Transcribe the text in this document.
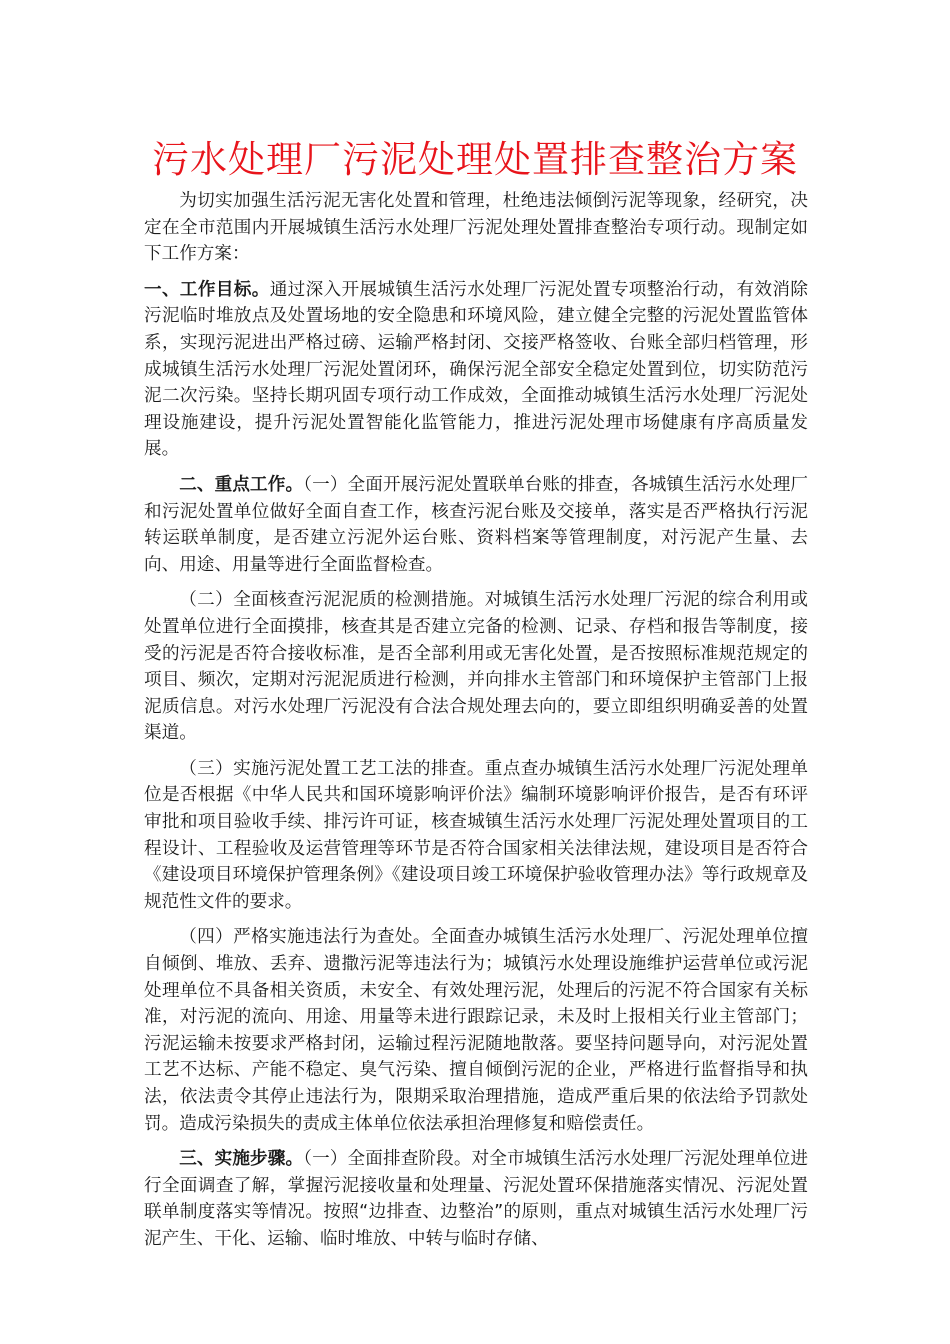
污水处理厂污泥处理处置排查整治方案

为切实加强生活污泥无害化处置和管理，杜绝违法倾倒污泥等现象，经研究，决定在全市范围内开展城镇生活污水处理厂污泥处理处置排查整治专项行动。现制定如下工作方案：

一、工作目标。通过深入开展城镇生活污水处理厂污泥处置专项整治行动，有效消除污泥临时堆放点及处置场地的安全隐患和环境风险，建立健全完整的污泥处置监管体系，实现污泥进出严格过磅、运输严格封闭、交接严格签收、台账全部归档管理，形成城镇生活污水处理厂污泥处置闭环，确保污泥全部安全稳定处置到位，切实防范污泥二次污染。坚持长期巩固专项行动工作成效，全面推动城镇生活污水处理厂污泥处理设施建设，提升污泥处置智能化监管能力，推进污泥处理市场健康有序高质量发展。

二、重点工作。（一）全面开展污泥处置联单台账的排查，各城镇生活污水处理厂和污泥处置单位做好全面自查工作，核查污泥台账及交接单，落实是否严格执行污泥转运联单制度，是否建立污泥外运台账、资料档案等管理制度，对污泥产生量、去向、用途、用量等进行全面监督检查。

（二）全面核查污泥泥质的检测措施。对城镇生活污水处理厂污泥的综合利用或处置单位进行全面摸排，核查其是否建立完备的检测、记录、存档和报告等制度，接受的污泥是否符合接收标准，是否全部利用或无害化处置，是否按照标准规范规定的项目、频次，定期对污泥泥质进行检测，并向排水主管部门和环境保护主管部门上报泥质信息。对污水处理厂污泥没有合法合规处理去向的，要立即组织明确妥善的处置渠道。

（三）实施污泥处置工艺工法的排查。重点查办城镇生活污水处理厂污泥处理单位是否根据《中华人民共和国环境影响评价法》编制环境影响评价报告，是否有环评审批和项目验收手续、排污许可证，核查城镇生活污水处理厂污泥处理处置项目的工程设计、工程验收及运营管理等环节是否符合国家相关法律法规，建设项目是否符合《建设项目环境保护管理条例》《建设项目竣工环境保护验收管理办法》等行政规章及规范性文件的要求。

（四）严格实施违法行为查处。全面查办城镇生活污水处理厂、污泥处理单位擅自倾倒、堆放、丢弃、遗撒污泥等违法行为；城镇污水处理设施维护运营单位或污泥处理单位不具备相关资质，未安全、有效处理污泥，处理后的污泥不符合国家有关标准，对污泥的流向、用途、用量等未进行跟踪记录，未及时上报相关行业主管部门；污泥运输未按要求严格封闭，运输过程污泥随地散落。要坚持问题导向，对污泥处置工艺不达标、产能不稳定、臭气污染、擅自倾倒污泥的企业，严格进行监督指导和执法，依法责令其停止违法行为，限期采取治理措施，造成严重后果的依法给予罚款处罚。造成污染损失的责成主体单位依法承担治理修复和赔偿责任。

三、实施步骤。（一）全面排查阶段。对全市城镇生活污水处理厂污泥处理单位进行全面调查了解，掌握污泥接收量和处理量、污泥处置环保措施落实情况、污泥处置联单制度落实等情况。按照“边排查、边整治”的原则，重点对城镇生活污水处理厂污泥产生、干化、运输、临时堆放、中转与临时存储、
